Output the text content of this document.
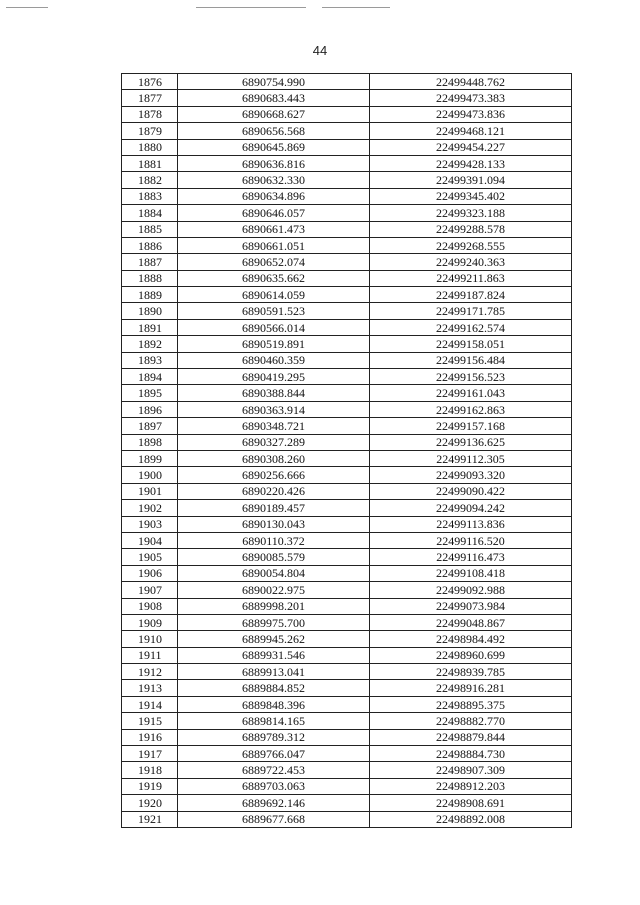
44
1876	6890754.990	22499448.762
1877	6890683.443	22499473.383
1878	6890668.627	22499473.836
1879	6890656.568	22499468.121
1880	6890645.869	22499454.227
1881	6890636.816	22499428.133
1882	6890632.330	22499391.094
1883	6890634.896	22499345.402
1884	6890646.057	22499323.188
1885	6890661.473	22499288.578
1886	6890661.051	22499268.555
1887	6890652.074	22499240.363
1888	6890635.662	22499211.863
1889	6890614.059	22499187.824
1890	6890591.523	22499171.785
1891	6890566.014	22499162.574
1892	6890519.891	22499158.051
1893	6890460.359	22499156.484
1894	6890419.295	22499156.523
1895	6890388.844	22499161.043
1896	6890363.914	22499162.863
1897	6890348.721	22499157.168
1898	6890327.289	22499136.625
1899	6890308.260	22499112.305
1900	6890256.666	22499093.320
1901	6890220.426	22499090.422
1902	6890189.457	22499094.242
1903	6890130.043	22499113.836
1904	6890110.372	22499116.520
1905	6890085.579	22499116.473
1906	6890054.804	22499108.418
1907	6890022.975	22499092.988
1908	6889998.201	22499073.984
1909	6889975.700	22499048.867
1910	6889945.262	22498984.492
1911	6889931.546	22498960.699
1912	6889913.041	22498939.785
1913	6889884.852	22498916.281
1914	6889848.396	22498895.375
1915	6889814.165	22498882.770
1916	6889789.312	22498879.844
1917	6889766.047	22498884.730
1918	6889722.453	22498907.309
1919	6889703.063	22498912.203
1920	6889692.146	22498908.691
1921	6889677.668	22498892.008
